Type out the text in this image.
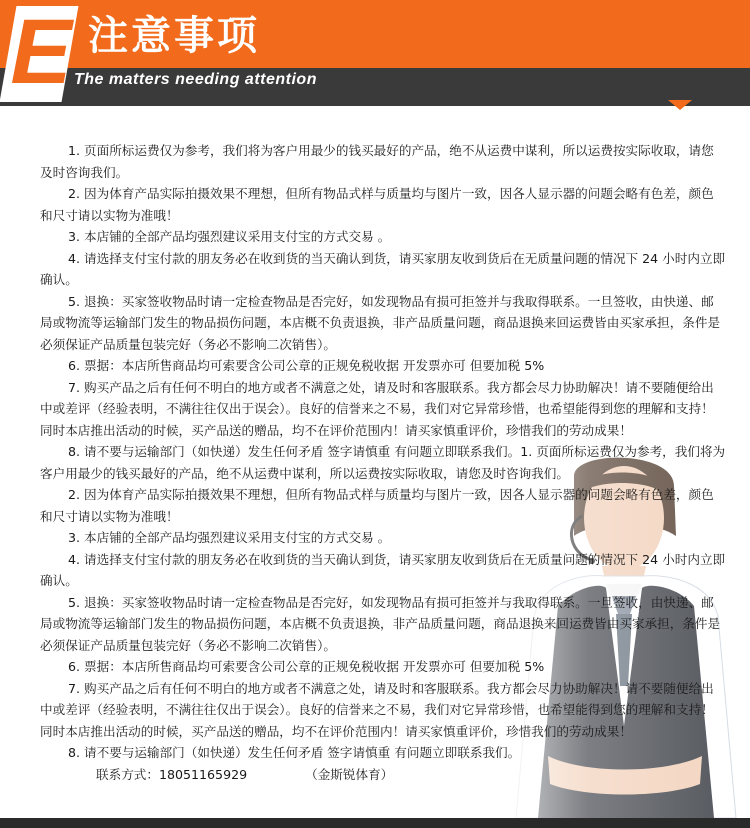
E 注意事项
The matters needing attention

1. 页面所标运费仅为参考，我们将为客户用最少的钱买最好的产品，绝不从运费中谋利，所以运费按实际收取，请您及时咨询我们。

2. 因为体育产品实际拍摄效果不理想，但所有物品式样与质量均与图片一致，因各人显示器的问题会略有色差，颜色和尺寸请以实物为准哦！

3. 本店铺的全部产品均强烈建议采用支付宝的方式交易 。

4. 请选择支付宝付款的朋友务必在收到货的当天确认到货，请买家朋友收到货后在无质量问题的情况下 24 小时内立即确认。

5. 退换：买家签收物品时请一定检查物品是否完好，如发现物品有损可拒签并与我取得联系。一旦签收，由快递、邮局或物流等运输部门发生的物品损伤问题，本店概不负责退换，非产品质量问题，商品退换来回运费皆由买家承担，条件是必须保证产品质量包装完好（务必不影响二次销售）。

6. 票据：本店所售商品均可索要含公司公章的正规免税收据 开发票亦可 但要加税 5%

7. 购买产品之后有任何不明白的地方或者不满意之处，请及时和客服联系。我方都会尽力协助解决！请不要随便给出中或差评（经验表明，不满往往仅出于误会）。良好的信誉来之不易，我们对它异常珍惜，也希望能得到您的理解和支持！同时本店推出活动的时候，买产品送的赠品，均不在评价范围内！请买家慎重评价，珍惜我们的劳动成果！

8. 请不要与运输部门（如快递）发生任何矛盾 签字请慎重 有问题立即联系我们。1. 页面所标运费仅为参考，我们将为客户用最少的钱买最好的产品，绝不从运费中谋利，所以运费按实际收取，请您及时咨询我们。

2. 因为体育产品实际拍摄效果不理想，但所有物品式样与质量均与图片一致，因各人显示器的问题会略有色差，颜色和尺寸请以实物为准哦！

3. 本店铺的全部产品均强烈建议采用支付宝的方式交易 。

4. 请选择支付宝付款的朋友务必在收到货的当天确认到货，请买家朋友收到货后在无质量问题的情况下 24 小时内立即确认。

5. 退换：买家签收物品时请一定检查物品是否完好，如发现物品有损可拒签并与我取得联系。一旦签收，由快递、邮局或物流等运输部门发生的物品损伤问题，本店概不负责退换，非产品质量问题，商品退换来回运费皆由买家承担，条件是必须保证产品质量包装完好（务必不影响二次销售）。

6. 票据：本店所售商品均可索要含公司公章的正规免税收据 开发票亦可 但要加税 5%

7. 购买产品之后有任何不明白的地方或者不满意之处，请及时和客服联系。我方都会尽力协助解决！请不要随便给出中或差评（经验表明，不满往往仅出于误会）。良好的信誉来之不易，我们对它异常珍惜，也希望能得到您的理解和支持！同时本店推出活动的时候，买产品送的赠品，均不在评价范围内！请买家慎重评价，珍惜我们的劳动成果！

8. 请不要与运输部门（如快递）发生任何矛盾 签字请慎重 有问题立即联系我们。

联系方式：18051165929	（金斯锐体育）
